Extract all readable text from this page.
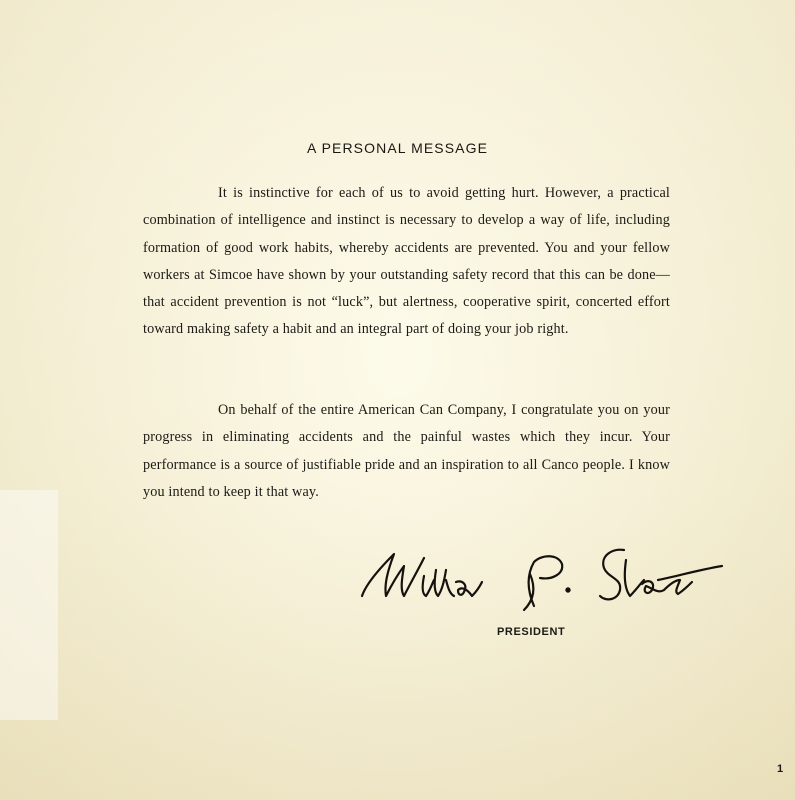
A PERSONAL MESSAGE

It is instinctive for each of us to avoid getting hurt. However, a practical combination of intelligence and instinct is necessary to develop a way of life, including formation of good work habits, whereby accidents are prevented. You and your fellow workers at Simcoe have shown by your outstanding safety record that this can be done—that accident prevention is not “luck”, but alertness, cooperative spirit, concerted effort toward making safety a habit and an integral part of doing your job right.

On behalf of the entire American Can Company, I congratulate you on your progress in eliminating accidents and the painful wastes which they incur. Your performance is a source of justifiable pride and an inspiration to all Canco people. I know you intend to keep it that way.

PRESIDENT
1
